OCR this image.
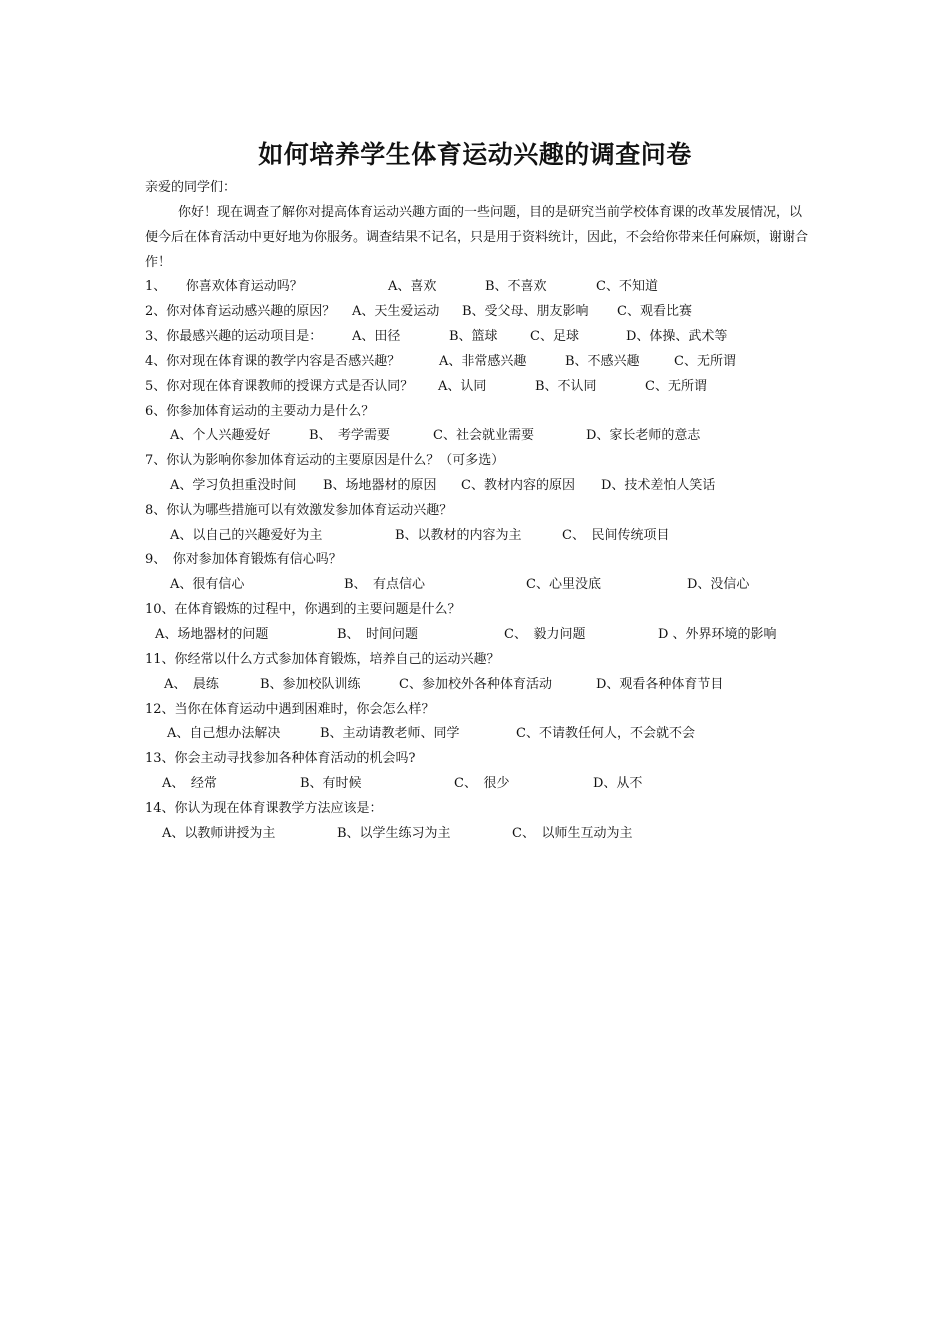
如何培养学生体育运动兴趣的调查问卷
亲爱的同学们：

你好！现在调查了解你对提高体育运动兴趣方面的一些问题，目的是研究当前学校体育课的改革发展情况，以便今后在体育活动中更好地为你服务。调查结果不记名，只是用于资料统计，因此，不会给你带来任何麻烦，谢谢合作！

1、　　你喜欢体育运动吗？	A、喜欢	B、不喜欢	C、不知道
2、你对体育运动感兴趣的原因？ A、天生爱运动 B、受父母、朋友影响 C、观看比赛
3、你最感兴趣的运动项目是： A、田径	B、篮球 C、足球	D、体操、武术等
4、你对现在体育课的教学内容是否感兴趣？	A、非常感兴趣	B、不感兴趣	C、无所谓
5、你对现在体育课教师的授课方式是否认同？ A、认同	B、不认同	C、无所谓
6、你参加体育运动的主要动力是什么？
A、个人兴趣爱好	B、　考学需要	C、社会就业需要	D、家长老师的意志
7、你认为影响你参加体育运动的主要原因是什么？（可多选）
A、学习负担重没时间 B、场地器材的原因 C、教材内容的原因 D、技术差怕人笑话
8、你认为哪些措施可以有效激发参加体育运动兴趣？
A、以自己的兴趣爱好为主	B、以教材的内容为主	C、　民间传统项目
9、　你对参加体育锻炼有信心吗？
A、很有信心	B、　有点信心	C、心里没底	D、没信心
10、在体育锻炼的过程中，你遇到的主要问题是什么？
A、场地器材的问题	B、　时间问题	C、　毅力问题	D 、外界环境的影响
11、你经常以什么方式参加体育锻炼，培养自己的运动兴趣？
A、　晨练	B、参加校队训练	C、参加校外各种体育活动	D、观看各种体育节目
12、当你在体育运动中遇到困难时，你会怎么样？
A、自己想办法解决	B、主动请教老师、同学	C、不请教任何人，不会就不会
13、你会主动寻找参加各种体育活动的机会吗?
A、　经常	B、有时候	C、　很少	D、从不
14、你认为现在体育课教学方法应该是：
A、以教师讲授为主	B、以学生练习为主	C、　以师生互动为主
